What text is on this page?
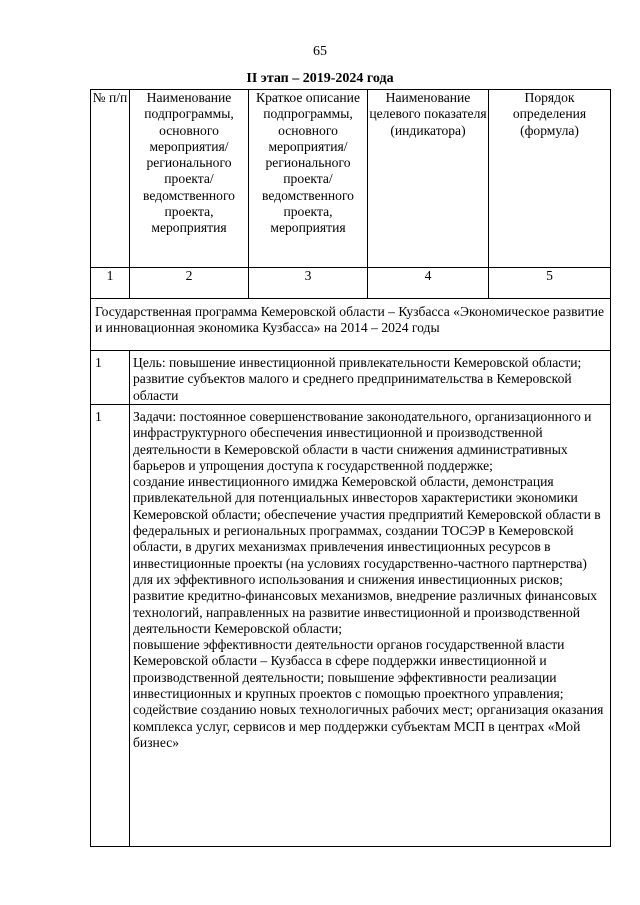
65
II этап – 2019-2024 года
№ п/п	Наименование подпрограммы, основного мероприятия/ регионального проекта/ ведомственного проекта, мероприятия	Краткое описание подпрограммы, основного мероприятия/ регионального проекта/ ведомственного проекта, мероприятия	Наименование целевого показателя (индикатора)	Порядок определения (формула)
1	2	3	4	5
Государственная программа Кемеровской области – Кузбасса «Экономическое развитие и инновационная экономика Кузбасса» на 2014 – 2024 годы				
1	Цель: повышение инвестиционной привлекательности Кемеровской области; развитие субъектов малого и среднего предпринимательства в Кемеровской области			
1	Задачи: постоянное совершенствование законодательного, организационного и инфраструктурного обеспечения инвестиционной и производственной деятельности в Кемеровской области в части снижения административных барьеров и упрощения доступа к государственной поддержке;
создание инвестиционного имиджа Кемеровской области, демонстрация привлекательной для потенциальных инвесторов характеристики экономики Кемеровской области; обеспечение участия предприятий Кемеровской области в федеральных и региональных программах, создании ТОСЭР в Кемеровской области, в других механизмах привлечения инвестиционных ресурсов в инвестиционные проекты (на условиях государственно-частного партнерства) для их эффективного использования и снижения инвестиционных рисков; развитие кредитно-финансовых механизмов, внедрение различных финансовых технологий, направленных на развитие инвестиционной и производственной деятельности Кемеровской области;
повышение эффективности деятельности органов государственной власти Кемеровской области – Кузбасса в сфере поддержки инвестиционной и производственной деятельности; повышение эффективности реализации инвестиционных и крупных проектов с помощью проектного управления;
содействие созданию новых технологичных рабочих мест; организация оказания комплекса услуг, сервисов и мер поддержки субъектам МСП в центрах «Мой бизнес»			
